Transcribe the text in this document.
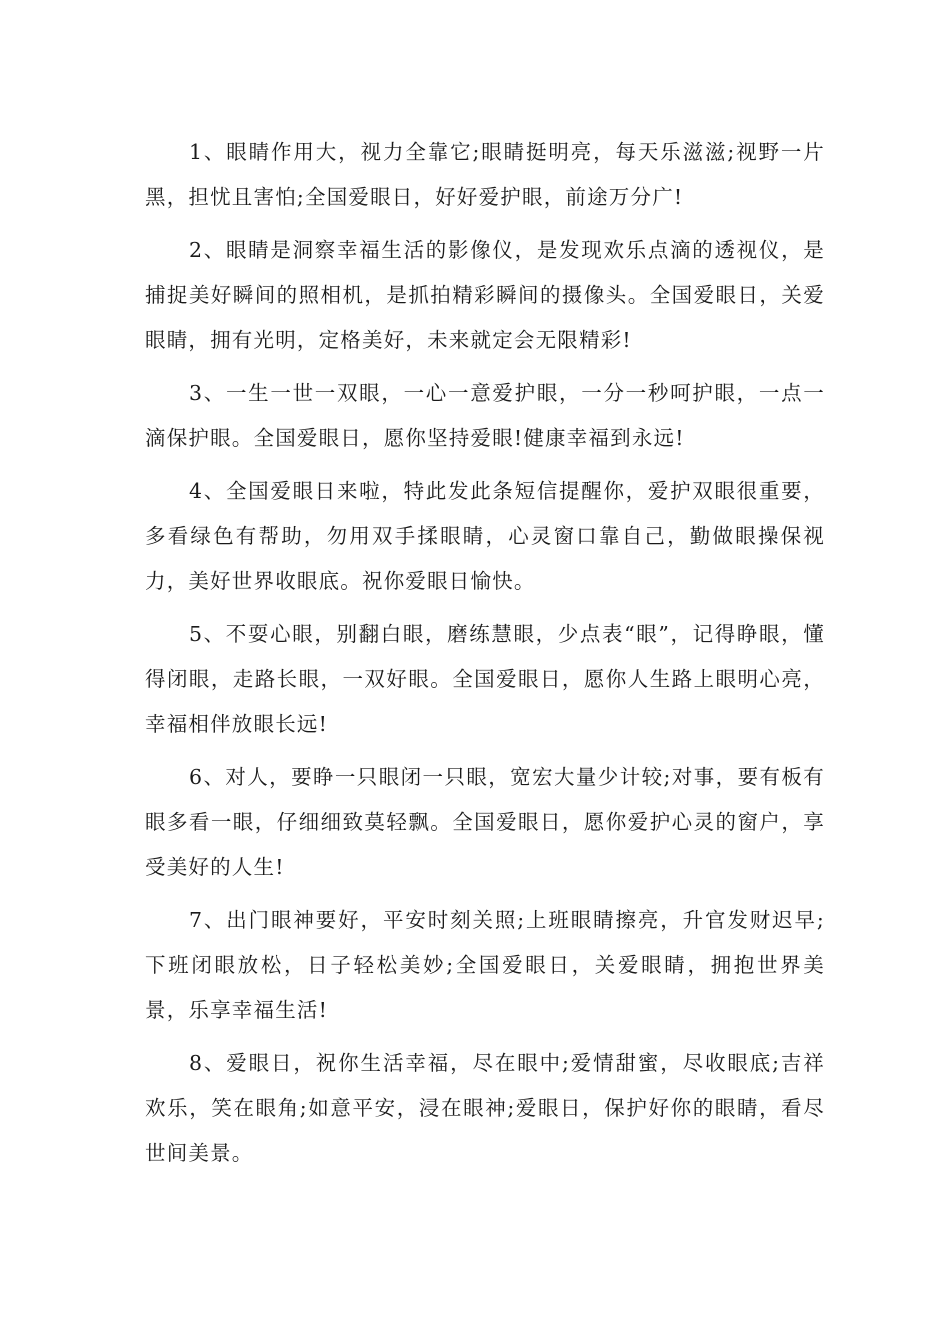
1、眼睛作用大，视力全靠它;眼睛挺明亮，每天乐滋滋;视野一片黑，担忧且害怕;全国爱眼日，好好爱护眼，前途万分广!

2、眼睛是洞察幸福生活的影像仪，是发现欢乐点滴的透视仪，是捕捉美好瞬间的照相机，是抓拍精彩瞬间的摄像头。全国爱眼日，关爱眼睛，拥有光明，定格美好，未来就定会无限精彩!

3、一生一世一双眼，一心一意爱护眼，一分一秒呵护眼，一点一滴保护眼。全国爱眼日，愿你坚持爱眼!健康幸福到永远!

4、全国爱眼日来啦，特此发此条短信提醒你，爱护双眼很重要，多看绿色有帮助，勿用双手揉眼睛，心灵窗口靠自己，勤做眼操保视力，美好世界收眼底。祝你爱眼日愉快。

5、不耍心眼，别翻白眼，磨练慧眼，少点表“眼”，记得睁眼，懂得闭眼，走路长眼，一双好眼。全国爱眼日，愿你人生路上眼明心亮，幸福相伴放眼长远!

6、对人，要睁一只眼闭一只眼，宽宏大量少计较;对事，要有板有眼多看一眼，仔细细致莫轻飘。全国爱眼日，愿你爱护心灵的窗户，享受美好的人生!

7、出门眼神要好，平安时刻关照;上班眼睛擦亮，升官发财迟早;下班闭眼放松，日子轻松美妙;全国爱眼日，关爱眼睛，拥抱世界美景，乐享幸福生活!

8、爱眼日，祝你生活幸福，尽在眼中;爱情甜蜜，尽收眼底;吉祥欢乐，笑在眼角;如意平安，浸在眼神;爱眼日，保护好你的眼睛，看尽世间美景。
